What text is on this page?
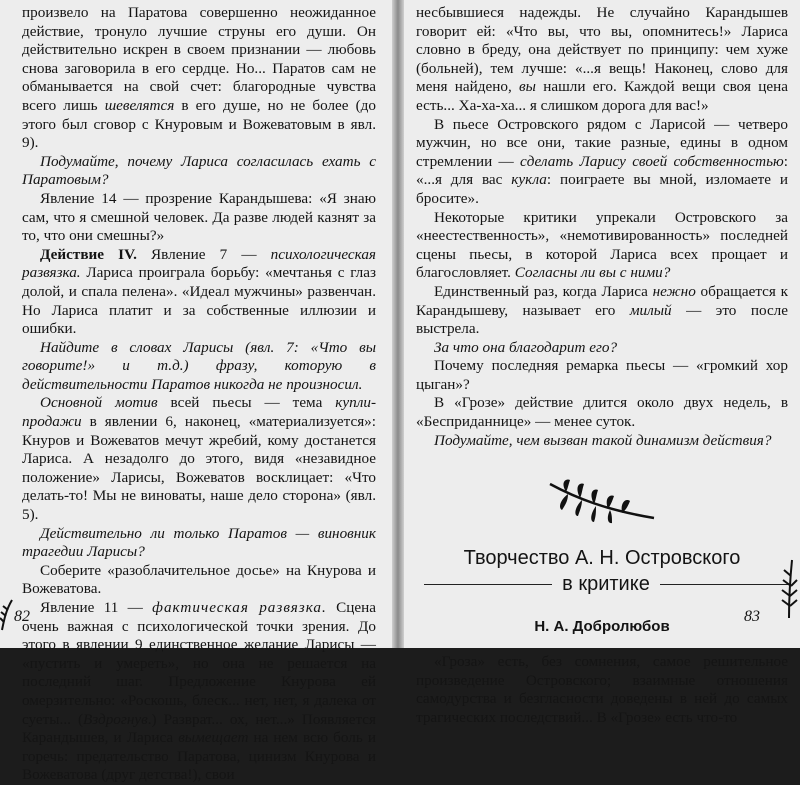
произвело на Паратова совершенно неожиданное действие, тронуло лучшие струны его души. Он действительно искрен в своем признании — любовь снова заговорила в его сердце. Но... Паратов сам не обманывается на свой счет: благородные чувства всего лишь шевелятся в его душе, но не более (до этого был сговор с Кнуровым и Вожеватовым в явл. 9).

Подумайте, почему Лариса согласилась ехать с Паратовым?

Явление 14 — прозрение Карандышева: «Я знаю сам, что я смешной человек. Да разве людей казнят за то, что они смешны?»

Действие IV. Явление 7 — психологическая развязка. Лариса проиграла борьбу: «мечтанья с глаз долой, и спала пелена». «Идеал мужчины» развенчан. Но Лариса платит и за собственные иллюзии и ошибки.

Найдите в словах Ларисы (явл. 7: «Что вы говорите!» и т.д.) фразу, которую в действительности Паратов никогда не произносил.

Основной мотив всей пьесы — тема купли-продажи в явлении 6, наконец, «материализуется»: Кнуров и Вожеватов мечут жребий, кому достанется Лариса. А незадолго до этого, видя «незавидное положение» Ларисы, Вожеватов восклицает: «Что делать-то! Мы не виноваты, наше дело сторона» (явл. 5).

Действительно ли только Паратов — виновник трагедии Ларисы?

Соберите «разоблачительное досье» на Кнурова и Вожеватова.

Явление 11 — фактическая развязка. Сцена очень важная с психологической точки зрения. До этого в явлении 9 единственное желание Ларисы — «пустить и умереть», но она не решается на последний шаг. Предложение Кнурова ей омерзительно: «Роскошь, блеск... нет, нет, я далека от суеты... (Вздрогнув.) Разврат... ох, нет...» Появляется Карандышев, и Лариса вымещает на нем всю боль и горечь: предательство Паратова, цинизм Кнурова и Вожеватова (друг детства!), свои

82

несбывшиеся надежды. Не случайно Карандышев говорит ей: «Что вы, что вы, опомнитесь!» Лариса словно в бреду, она действует по принципу: чем хуже (больней), тем лучше: «...я вещь! Наконец, слово для меня найдено, вы нашли его. Каждой вещи своя цена есть... Ха-ха-ха... я слишком дорога для вас!»

В пьесе Островского рядом с Ларисой — четверо мужчин, но все они, такие разные, едины в одном стремлении — сделать Ларису своей собственностью: «...я для вас кукла: поиграете вы мной, изломаете и бросите».

Некоторые критики упрекали Островского за «неестественность», «немотивированность» последней сцены пьесы, в которой Лариса всех прощает и благословляет. Согласны ли вы с ними?

Единственный раз, когда Лариса нежно обращается к Карандышеву, называет его милый — это после выстрела.

За что она благодарит его?

Почему последняя ремарка пьесы — «громкий хор цыган»?

В «Грозе» действие длится около двух недель, в «Бесприданнице» — менее суток.

Подумайте, чем вызван такой динамизм действия?

Творчество А. Н. Островского
в критике
Н. А. Добролюбов

«Гроза» есть, без сомнения, самое решительное произведение Островского; взаимные отношения самодурства и безгласности доведены в ней до самых трагических последствий... В «Грозе» есть что-то

83
